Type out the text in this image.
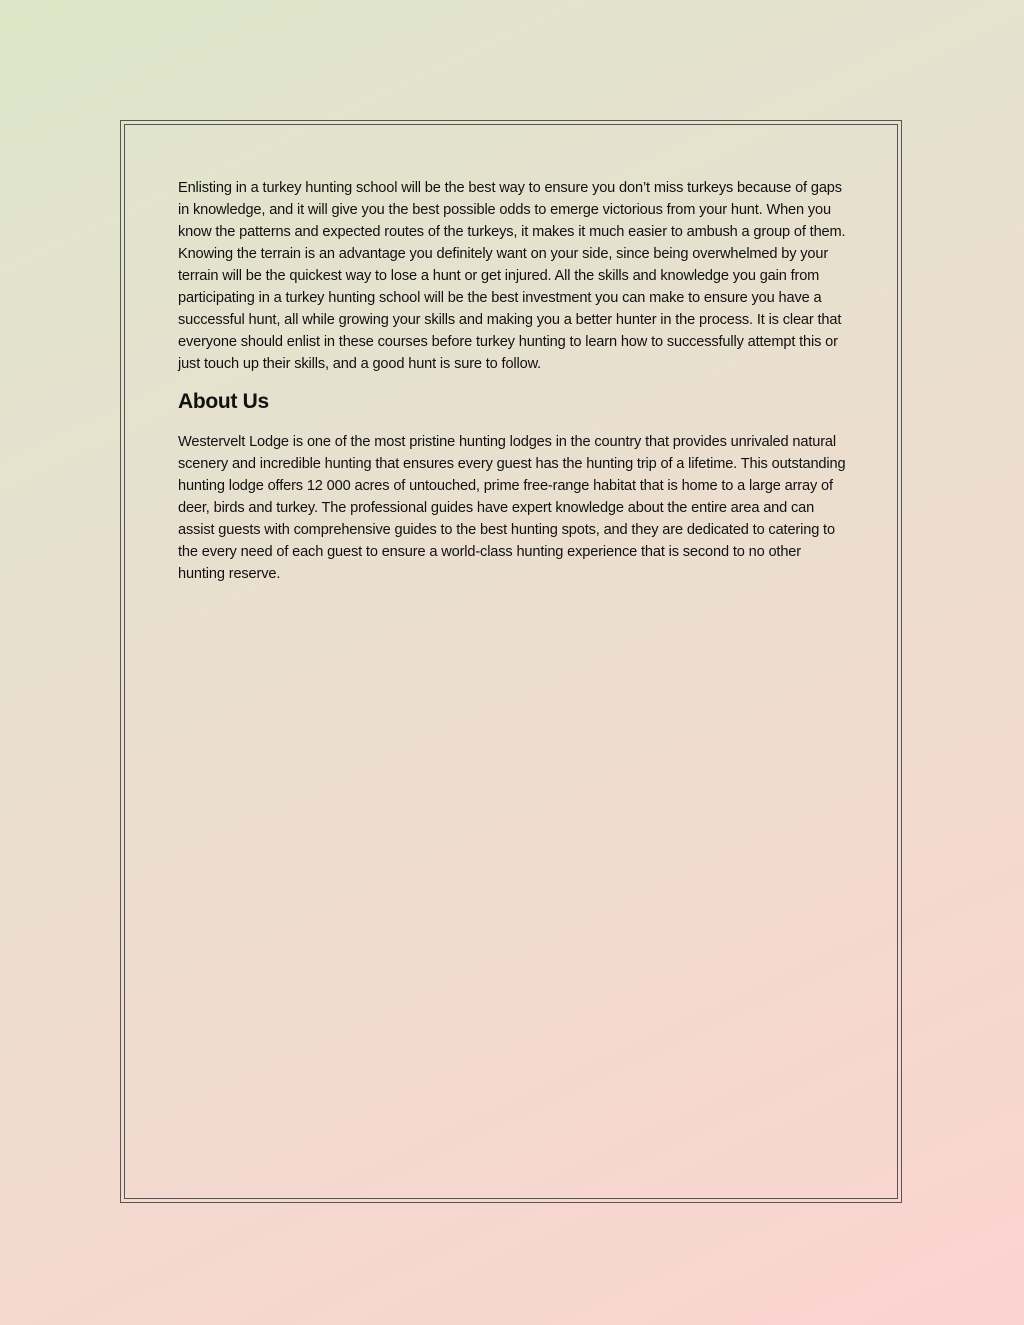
Enlisting in a turkey hunting school will be the best way to ensure you don’t miss turkeys because of gaps in knowledge, and it will give you the best possible odds to emerge victorious from your hunt. When you know the patterns and expected routes of the turkeys, it makes it much easier to ambush a group of them. Knowing the terrain is an advantage you definitely want on your side, since being overwhelmed by your terrain will be the quickest way to lose a hunt or get injured. All the skills and knowledge you gain from participating in a turkey hunting school will be the best investment you can make to ensure you have a successful hunt, all while growing your skills and making you a better hunter in the process. It is clear that everyone should enlist in these courses before turkey hunting to learn how to successfully attempt this or just touch up their skills, and a good hunt is sure to follow.

About Us

Westervelt Lodge is one of the most pristine hunting lodges in the country that provides unrivaled natural scenery and incredible hunting that ensures every guest has the hunting trip of a lifetime. This outstanding hunting lodge offers 12 000 acres of untouched, prime free-range habitat that is home to a large array of deer, birds and turkey. The professional guides have expert knowledge about the entire area and can assist guests with comprehensive guides to the best hunting spots, and they are dedicated to catering to the every need of each guest to ensure a world-class hunting experience that is second to no other hunting reserve.
